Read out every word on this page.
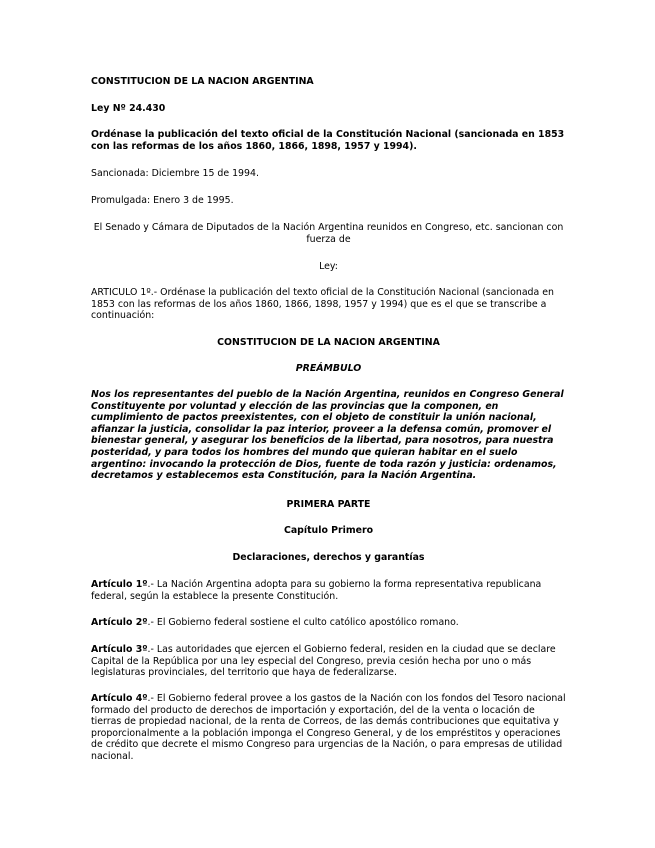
CONSTITUCION DE LA NACION ARGENTINA

Ley Nº 24.430

Ordénase la publicación del texto oficial de la Constitución Nacional (sancionada en 1853 con las reformas de los años 1860, 1866, 1898, 1957 y 1994).

Sancionada: Diciembre 15 de 1994.

Promulgada: Enero 3 de 1995.

El Senado y Cámara de Diputados de la Nación Argentina reunidos en Congreso, etc. sancionan con fuerza de

Ley:

ARTICULO 1º.- Ordénase la publicación del texto oficial de la Constitución Nacional (sancionada en 1853 con las reformas de los años 1860, 1866, 1898, 1957 y 1994) que es el que se transcribe a continuación:

CONSTITUCION DE LA NACION ARGENTINA

PREÁMBULO

Nos los representantes del pueblo de la Nación Argentina, reunidos en Congreso General Constituyente por voluntad y elección de las provincias que la componen, en cumplimiento de pactos preexistentes, con el objeto de constituir la unión nacional, afianzar la justicia, consolidar la paz interior, proveer a la defensa común, promover el bienestar general, y asegurar los beneficios de la libertad, para nosotros, para nuestra posteridad, y para todos los hombres del mundo que quieran habitar en el suelo argentino: invocando la protección de Dios, fuente de toda razón y justicia: ordenamos, decretamos y establecemos esta Constitución, para la Nación Argentina.

PRIMERA PARTE

Capítulo Primero

Declaraciones, derechos y garantías

Artículo 1º.- La Nación Argentina adopta para su gobierno la forma representativa republicana federal, según la establece la presente Constitución.

Artículo 2º.- El Gobierno federal sostiene el culto católico apostólico romano.

Artículo 3º.- Las autoridades que ejercen el Gobierno federal, residen en la ciudad que se declare Capital de la República por una ley especial del Congreso, previa cesión hecha por uno o más legislaturas provinciales, del territorio que haya de federalizarse.

Artículo 4º.- El Gobierno federal provee a los gastos de la Nación con los fondos del Tesoro nacional formado del producto de derechos de importación y exportación, del de la venta o locación de tierras de propiedad nacional, de la renta de Correos, de las demás contribuciones que equitativa y proporcionalmente a la población imponga el Congreso General, y de los empréstitos y operaciones de crédito que decrete el mismo Congreso para urgencias de la Nación, o para empresas de utilidad nacional.
